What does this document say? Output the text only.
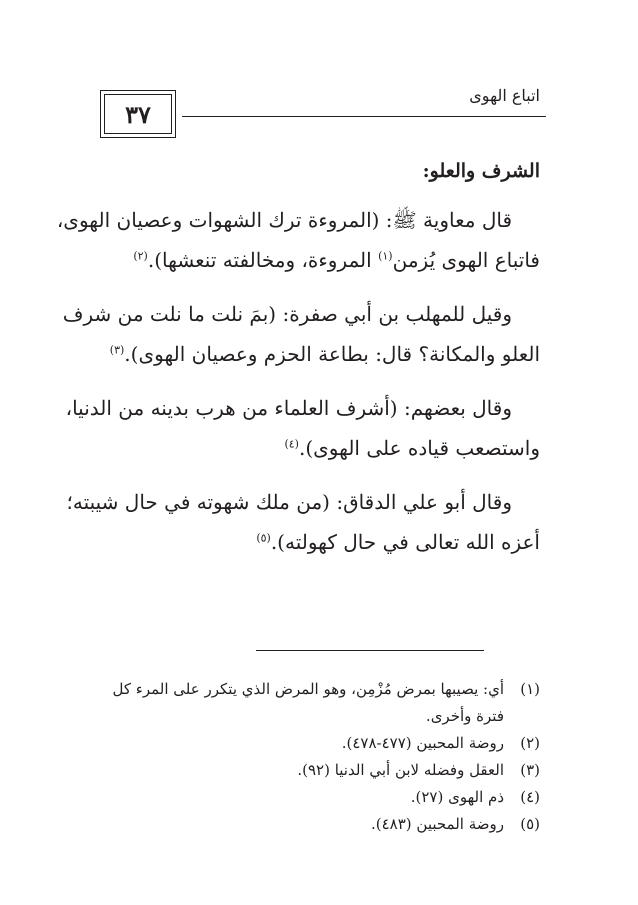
اتباع الهوى
٣٧
الشرف والعلو:

قال معاوية ﷺ: (المروءة ترك الشهوات وعصيان الهوى،
فاتباع الهوى يُزمن$^{(١)}$ المروءة، ومخالفته تنعشها).$^{(٢)}$

وقيل للمهلب بن أبي صفرة: (بمَ نلت ما نلت من شرف
العلو والمكانة؟ قال: بطاعة الحزم وعصيان الهوى).$^{(٣)}$

وقال بعضهم: (أشرف العلماء من هرب بدينه من الدنيا،
واستصعب قياده على الهوى).$^{(٤)}$

وقال أبو علي الدقاق: (من ملك شهوته في حال شيبته؛
أعزه الله تعالى في حال كهولته).$^{(٥)}$

(١)
أي: يصيبها بمرض مُزْمِن، وهو المرض الذي يتكرر على المرء كل فترة وأخرى.
(٢)
روضة المحبين (٤٧٧-٤٧٨).
(٣)
العقل وفضله لابن أبي الدنيا (٩٢).
(٤)
ذم الهوى (٢٧).
(٥)
روضة المحبين (٤٨٣).
